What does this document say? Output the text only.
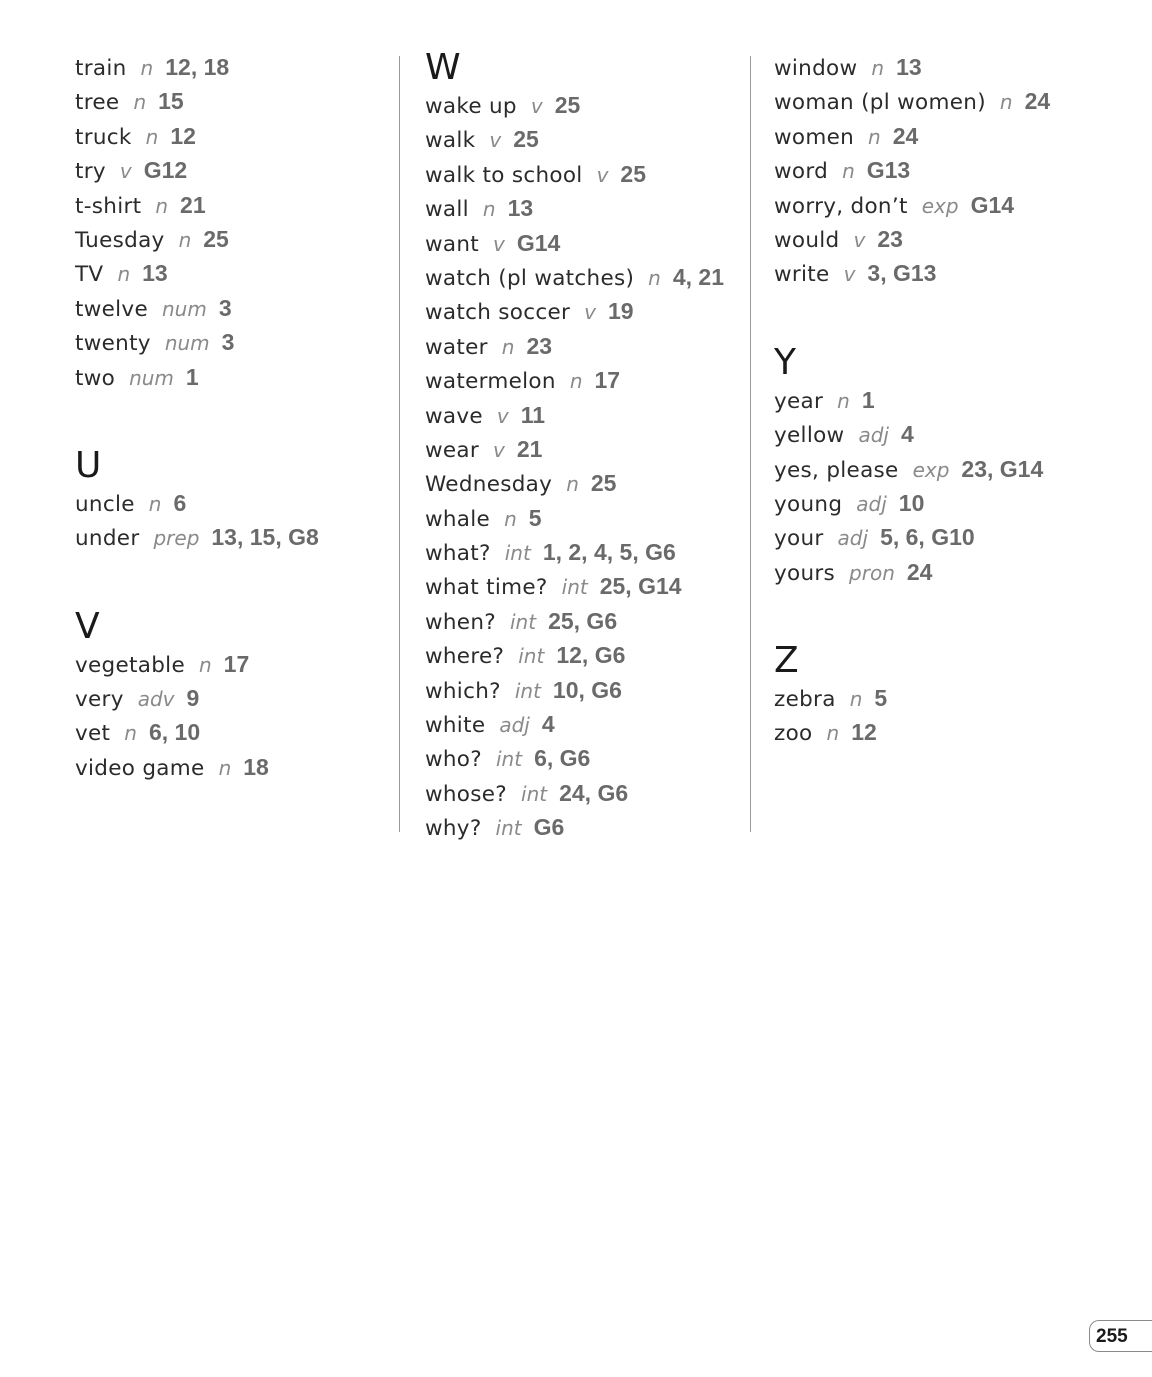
train n 12, 18
tree n 15
truck n 12
try v G12
t-shirt n 21
Tuesday n 25
TV n 13
twelve num 3
twenty num 3
two num 1
U
uncle n 6
under prep 13, 15, G8
V
vegetable n 17
very adv 9
vet n 6, 10
video game n 18
W
wake up v 25
walk v 25
walk to school v 25
wall n 13
want v G14
watch (pl watches) n 4, 21
watch soccer v 19
water n 23
watermelon n 17
wave v 11
wear v 21
Wednesday n 25
whale n 5
what? int 1, 2, 4, 5, G6
what time? int 25, G14
when? int 25, G6
where? int 12, G6
which? int 10, G6
white adj 4
who? int 6, G6
whose? int 24, G6
why? int G6
window n 13
woman (pl women) n 24
women n 24
word n G13
worry, don’t exp G14
would v 23
write v 3, G13
Y
year n 1
yellow adj 4
yes, please exp 23, G14
young adj 10
your adj 5, 6, G10
yours pron 24
Z
zebra n 5
zoo n 12
255
